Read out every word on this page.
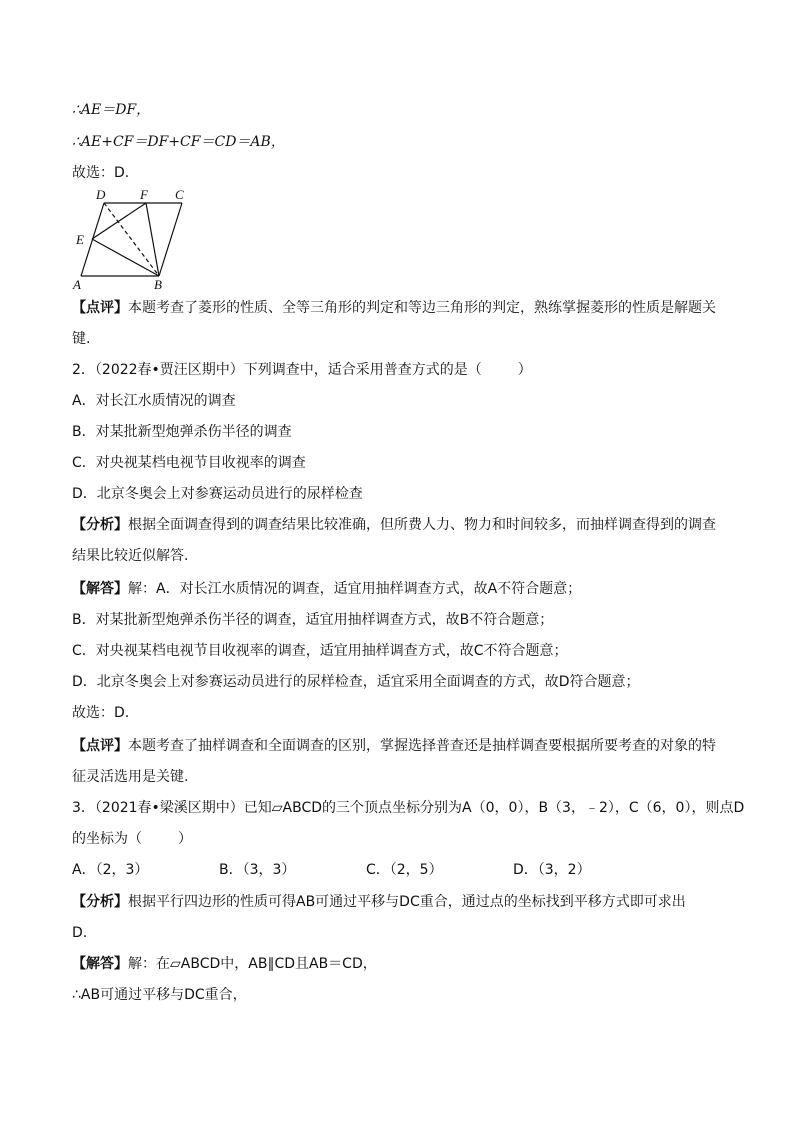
∴AE＝DF，
∴AE+CF＝DF+CF＝CD＝AB，
故选：D.
A	B
C
D
E
F
【点评】本题考查了菱形的性质、全等三角形的判定和等边三角形的判定，熟练掌握菱形的性质是解题关
键.
2．（2022春•贾汪区期中）下列调查中，适合采用普查方式的是（	）
A．对长江水质情况的调查
B．对某批新型炮弹杀伤半径的调查
C．对央视某档电视节目收视率的调查
D．北京冬奥会上对参赛运动员进行的尿样检查
【分析】根据全面调查得到的调查结果比较准确，但所费人力、物力和时间较多，而抽样调查得到的调查
结果比较近似解答.
【解答】解：A．对长江水质情况的调查，适宜用抽样调查方式，故A不符合题意；
B．对某批新型炮弹杀伤半径的调查，适宜用抽样调查方式，故B不符合题意；
C．对央视某档电视节目收视率的调查，适宜用抽样调查方式，故C不符合题意；
D．北京冬奥会上对参赛运动员进行的尿样检查，适宜采用全面调查的方式，故D符合题意；
故选：D.
【点评】本题考查了抽样调查和全面调查的区别，掌握选择普查还是抽样调查要根据所要考查的对象的特
征灵活选用是关键.
3．（2021春•梁溪区期中）已知▱ABCD的三个顶点坐标分别为A（0，0），B（3，﹣2），C（6，0），则点D
的坐标为（	）
A．（2，3）	B．（3，3）	C．（2，5）	D．（3，2）
【分析】根据平行四边形的性质可得AB可通过平移与DC重合，通过点的坐标找到平移方式即可求出
D.
【解答】解：在▱ABCD中，AB∥CD且AB＝CD，
∴AB可通过平移与DC重合，
